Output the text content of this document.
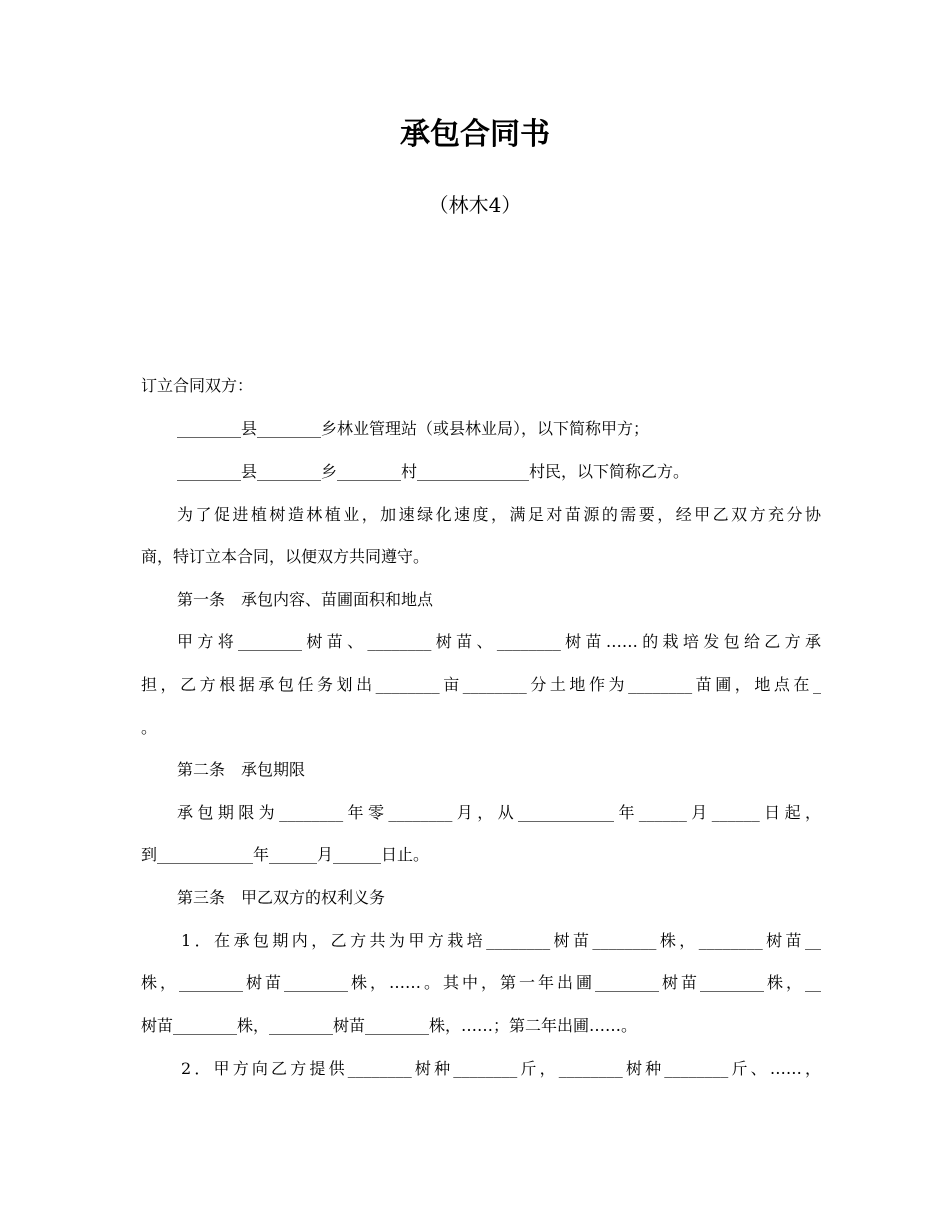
承包合同书
（林木4）
订立合同双方：
________县________乡林业管理站（或县林业局），以下简称甲方；
________县________乡________村______________村民，以下简称乙方。
为了促进植树造林植业，加速绿化速度，满足对苗源的需要，经甲乙双方充分协
商，特订立本合同，以便双方共同遵守。
第一条　承包内容、苗圃面积和地点
甲方将________树苗、________树苗、________树苗……的栽培发包给乙方承
担，乙方根据承包任务划出________亩________分土地作为________苗圃，地点在_
。
第二条　承包期限
承包期限为________年零________月，从____________年______月______日起，
到____________年______月______日止。
第三条　甲乙双方的权利义务
1．在承包期内，乙方共为甲方栽培________树苗________株，________树苗__
株，________树苗________株，……。其中，第一年出圃________树苗________株，__
树苗________株，________树苗________株，……；第二年出圃……。
2．甲方向乙方提供________树种________斤，________树种________斤、……，
